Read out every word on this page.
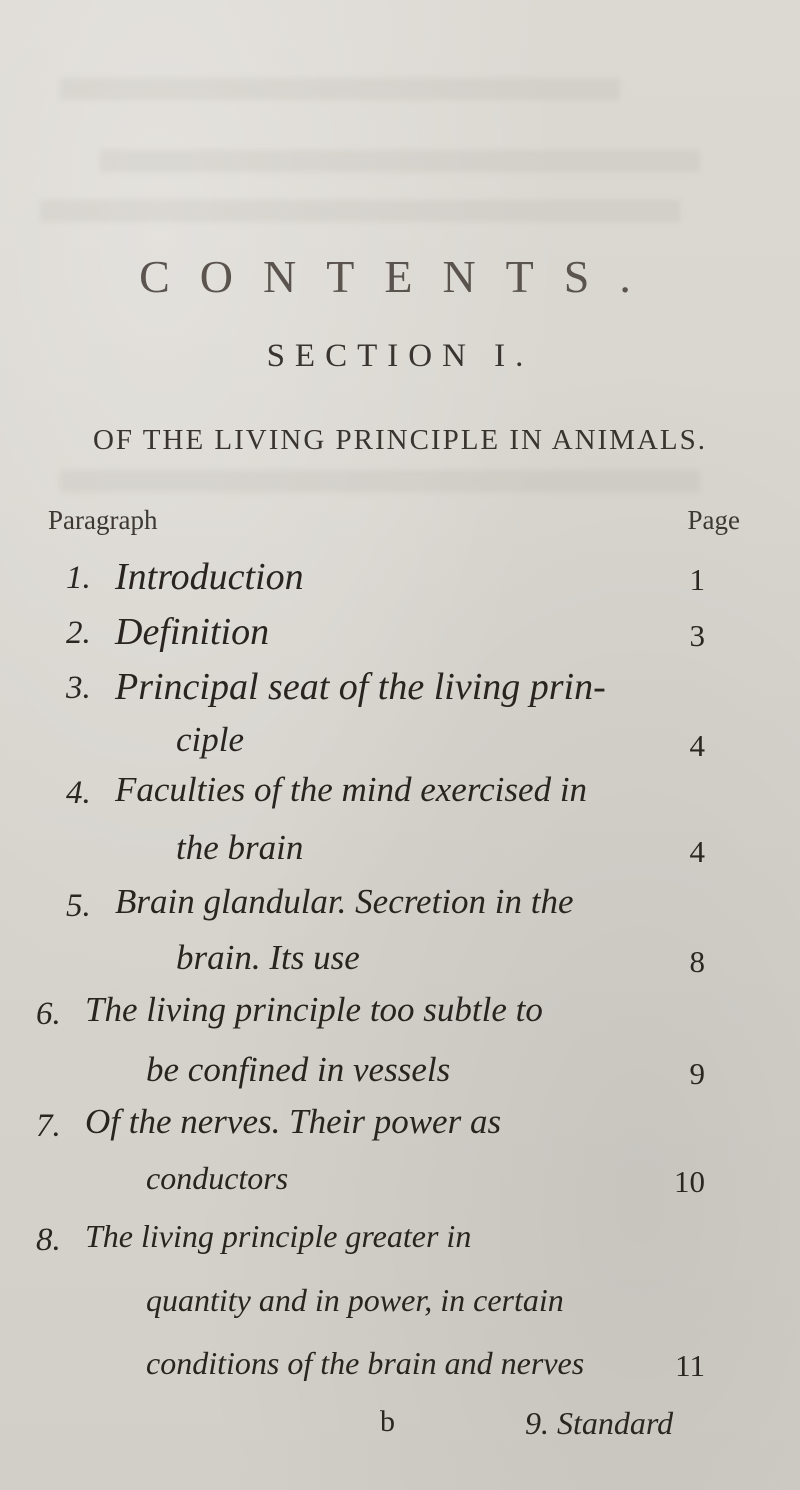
CONTENTS.
SECTION I.
OF THE LIVING PRINCIPLE IN ANIMALS.
Paragraph	Page
1. Introduction	1
2. Definition	3
3. Principal seat of the living prin-
ciple	4
4. Faculties of the mind exercised in
the brain	4
5. Brain glandular. Secretion in the
brain. Its use	8
6. The living principle too subtle to
be confined in vessels	9
7. Of the nerves. Their power as
conductors	10
8. The living principle greater in
quantity and in power, in certain
conditions of the brain and nerves	11
b	9. Standard
